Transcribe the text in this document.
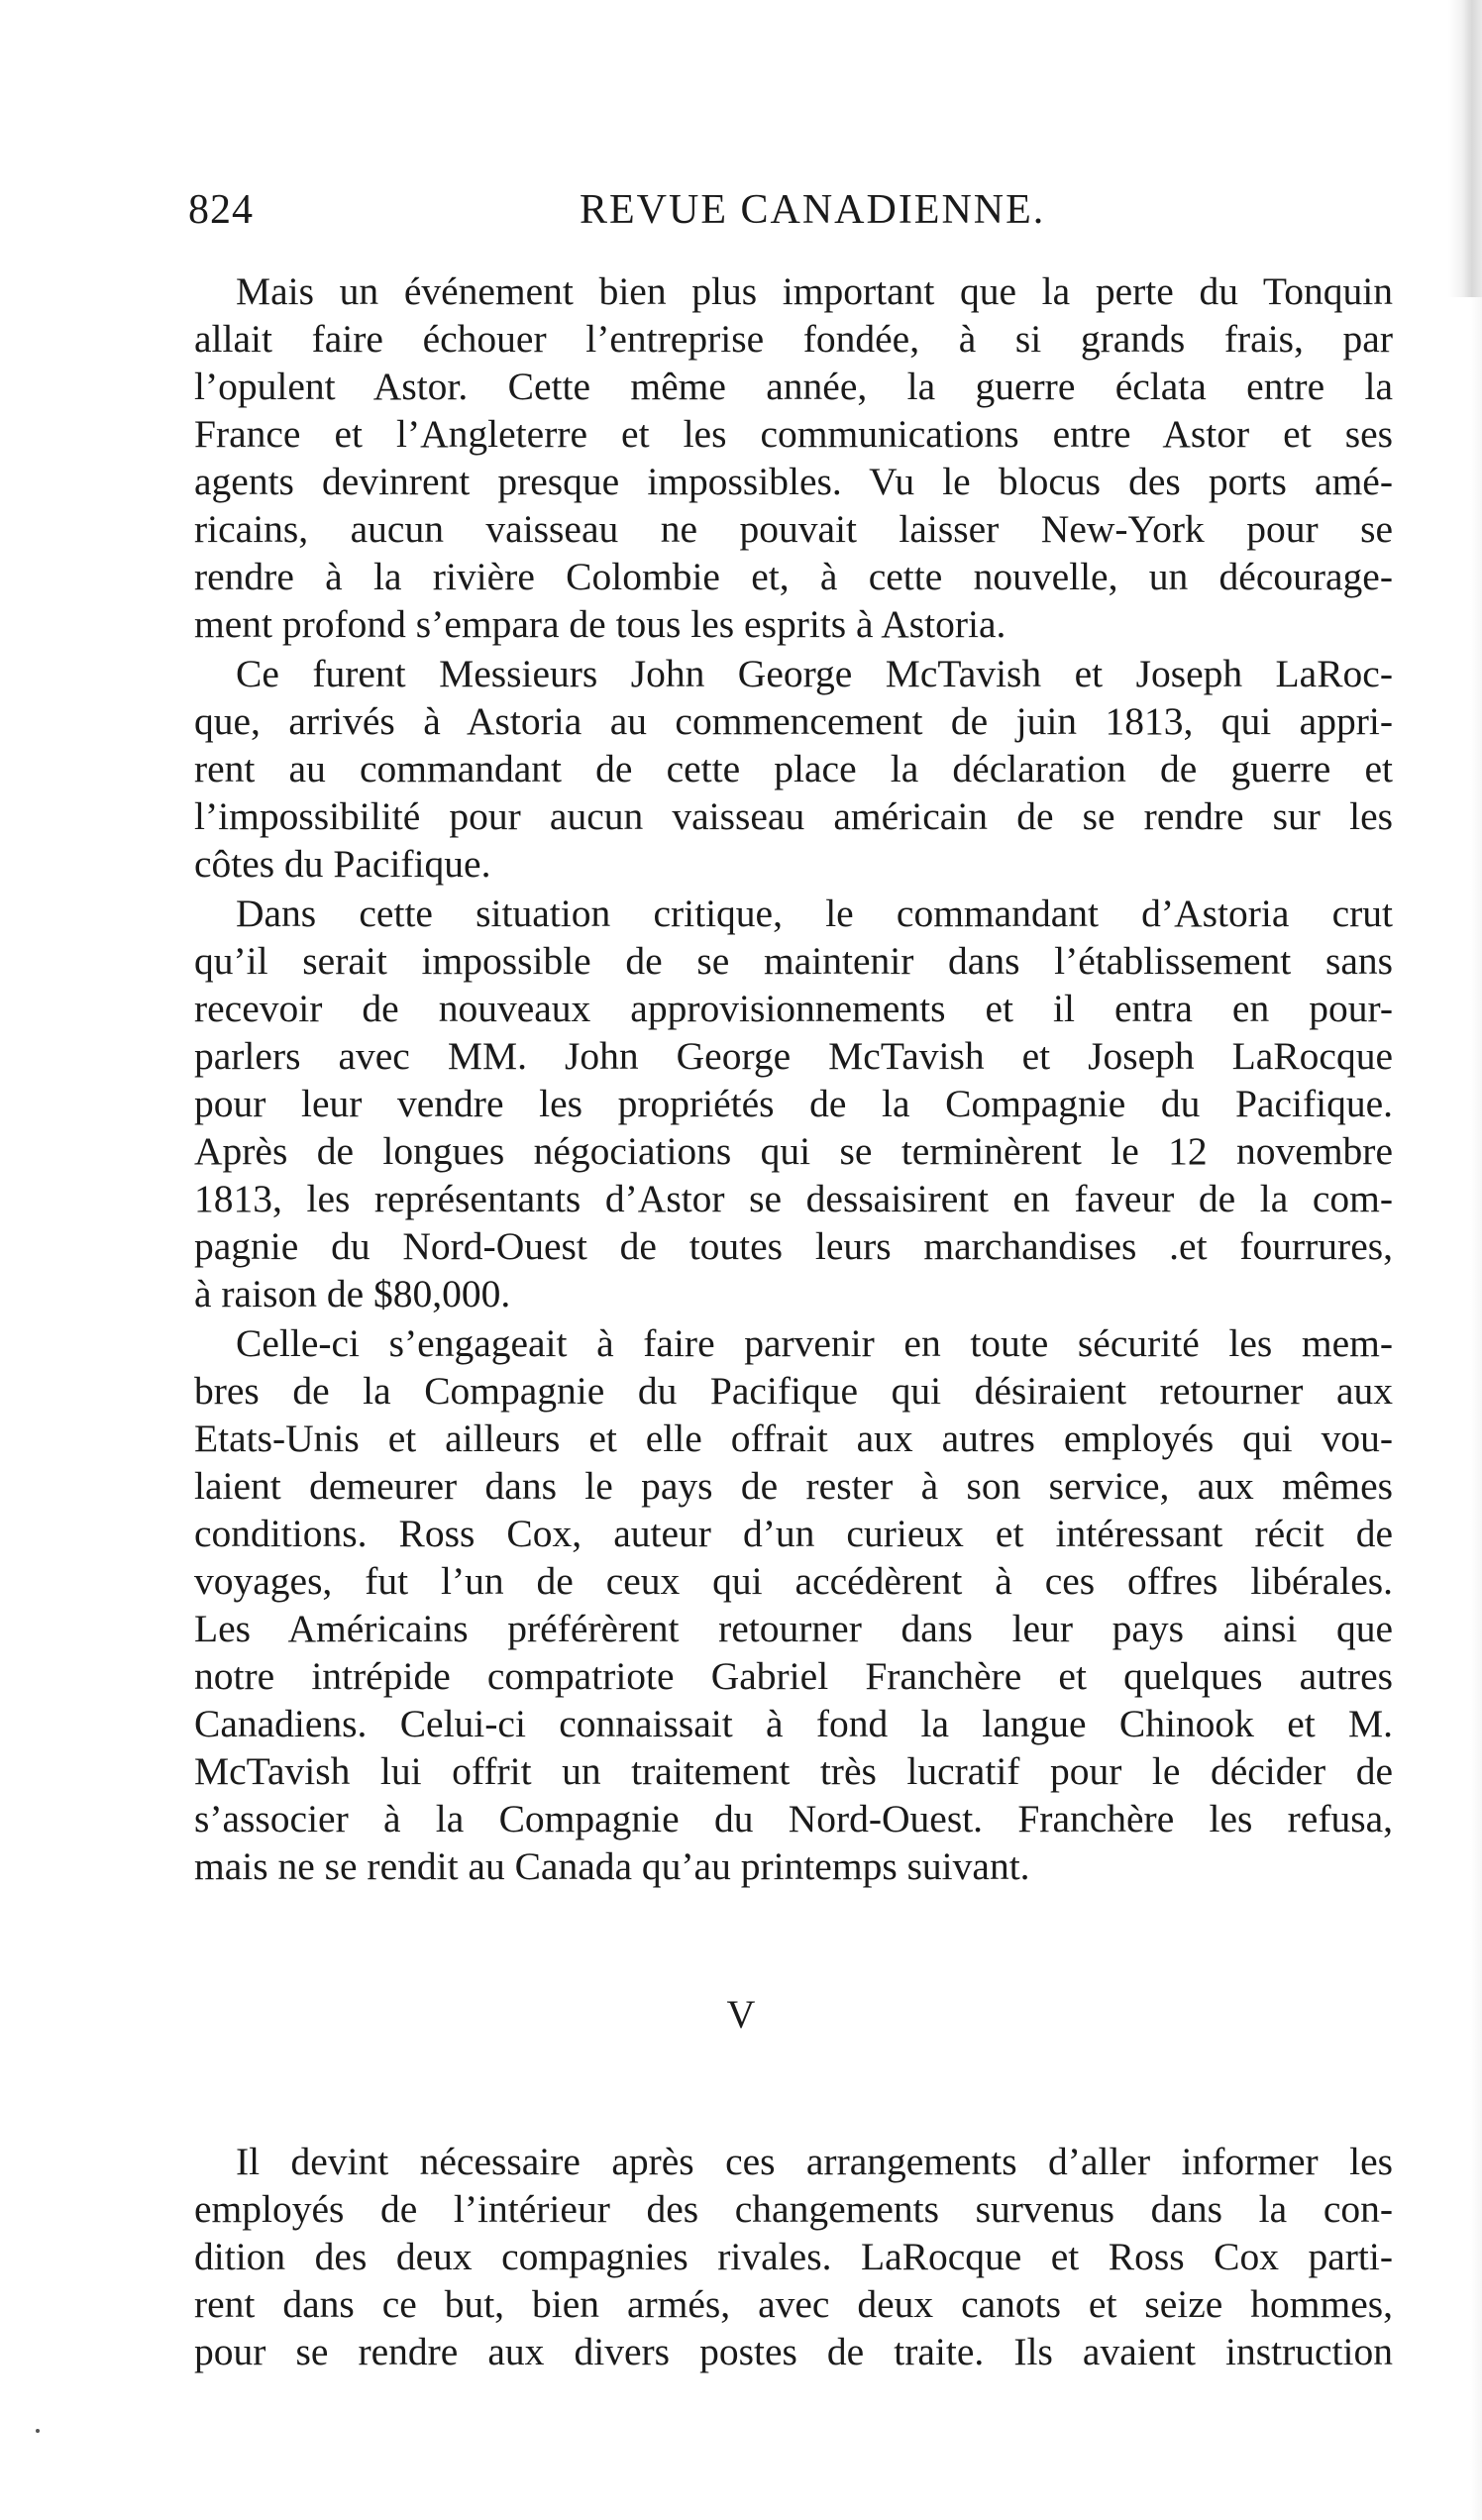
824	REVUE CANADIENNE.
Mais un événement bien plus important que la perte du Tonquin
allait faire échouer l’entreprise fondée, à si grands frais, par
l’opulent Astor. Cette même année, la guerre éclata entre la
France et l’Angleterre et les communications entre Astor et ses
agents devinrent presque impossibles. Vu le blocus des ports amé-
ricains, aucun vaisseau ne pouvait laisser New-York pour se
rendre à la rivière Colombie et, à cette nouvelle, un décourage-
ment profond s’empara de tous les esprits à Astoria.
Ce furent Messieurs John George McTavish et Joseph LaRoc-
que, arrivés à Astoria au commencement de juin 1813, qui appri-
rent au commandant de cette place la déclaration de guerre et
l’impossibilité pour aucun vaisseau américain de se rendre sur les
côtes du Pacifique.
Dans cette situation critique, le commandant d’Astoria crut
qu’il serait impossible de se maintenir dans l’établissement sans
recevoir de nouveaux approvisionnements et il entra en pour-
parlers avec MM. John George McTavish et Joseph LaRocque
pour leur vendre les propriétés de la Compagnie du Pacifique.
Après de longues négociations qui se terminèrent le 12 novembre
1813, les représentants d’Astor se dessaisirent en faveur de la com-
pagnie du Nord-Ouest de toutes leurs marchandises .et fourrures,
à raison de $80,000.
Celle-ci s’engageait à faire parvenir en toute sécurité les mem-
bres de la Compagnie du Pacifique qui désiraient retourner aux
Etats-Unis et ailleurs et elle offrait aux autres employés qui vou-
laient demeurer dans le pays de rester à son service, aux mêmes
conditions. Ross Cox, auteur d’un curieux et intéressant récit de
voyages, fut l’un de ceux qui accédèrent à ces offres libérales.
Les Américains préférèrent retourner dans leur pays ainsi que
notre intrépide compatriote Gabriel Franchère et quelques autres
Canadiens. Celui-ci connaissait à fond la langue Chinook et M.
McTavish lui offrit un traitement très lucratif pour le décider de
s’associer à la Compagnie du Nord-Ouest. Franchère les refusa,
mais ne se rendit au Canada qu’au printemps suivant.
V
Il devint nécessaire après ces arrangements d’aller informer les
employés de l’intérieur des changements survenus dans la con-
dition des deux compagnies rivales. LaRocque et Ross Cox parti-
rent dans ce but, bien armés, avec deux canots et seize hommes,
pour se rendre aux divers postes de traite. Ils avaient instruction
